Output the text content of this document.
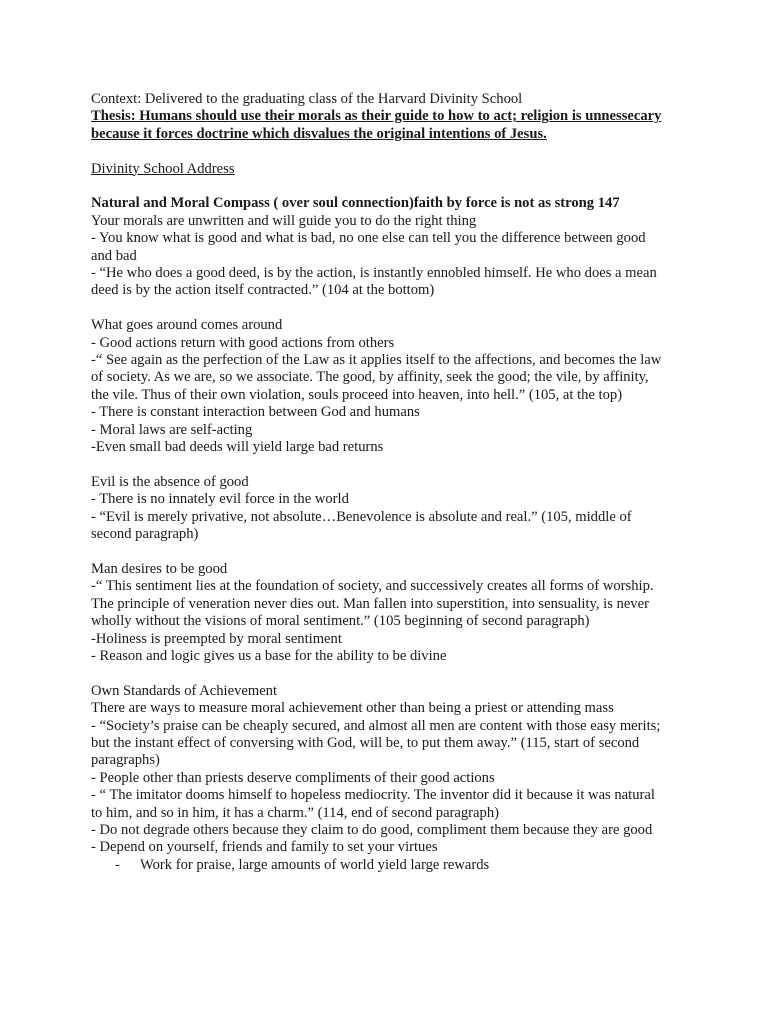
Context: Delivered to the graduating class of the Harvard Divinity School
Thesis: Humans should use their morals as their guide to how to act; religion is unnessecary because it forces doctrine which disvalues the original intentions of Jesus.
Divinity School Address
Natural and Moral Compass ( over soul connection)faith by force is not as strong 147
Your morals are unwritten and will guide you to do the right thing
- You know what is good and what is bad, no one else can tell you the difference between good and bad
- “He who does a good deed, is by the action, is instantly ennobled himself. He who does a mean deed is by the action itself contracted.” (104 at the bottom)
What goes around comes around
- Good actions return with good actions from others
-“ See again as the perfection of the Law as it applies itself to the affections, and becomes the law of society. As we are, so we associate. The good, by affinity, seek the good; the vile, by affinity, the vile. Thus of their own violation, souls proceed into heaven, into hell.” (105, at the top)
- There is constant interaction between God and humans
- Moral laws are self-acting
-Even small bad deeds will yield large bad returns
Evil is the absence of good
- There is no innately evil force in the world
- “Evil is merely privative, not absolute…Benevolence is absolute and real.” (105, middle of second paragraph)
Man desires to be good
-“ This sentiment lies at the foundation of society, and successively creates all forms of worship. The principle of veneration never dies out. Man fallen into superstition, into sensuality, is never wholly without the visions of moral sentiment.” (105 beginning of second paragraph)
-Holiness is preempted by moral sentiment
- Reason and logic gives us a base for the ability to be divine
Own Standards of Achievement
There are ways to measure moral achievement other than being a priest or attending mass
- “Society’s praise can be cheaply secured, and almost all men are content with those easy merits; but the instant effect of conversing with God, will be, to put them away.” (115, start of second paragraphs)
- People other than priests deserve compliments of their good actions
- “ The imitator dooms himself to hopeless mediocrity. The inventor did it because it was natural to him, and so in him, it has a charm.” (114, end of second paragraph)
- Do not degrade others because they claim to do good, compliment them because they are good
- Depend on yourself, friends and family to set your virtues
- Work for praise, large amounts of world yield large rewards
